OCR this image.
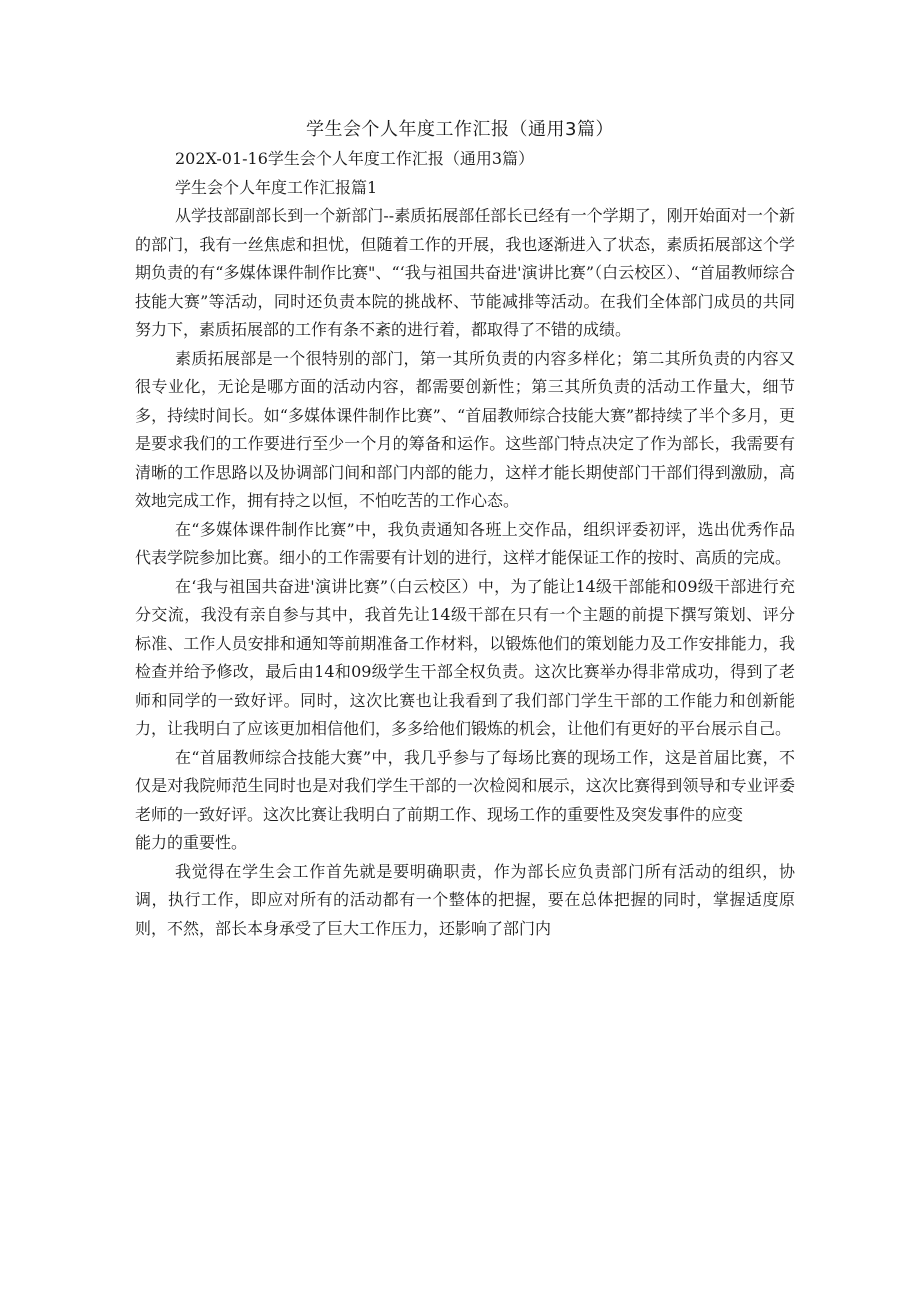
学生会个人年度工作汇报（通用3篇）

202X-01-16学生会个人年度工作汇报（通用3篇）

学生会个人年度工作汇报篇1

从学技部副部长到一个新部门--素质拓展部任部长已经有一个学期了，刚开始面对一个新的部门，我有一丝焦虑和担忧，但随着工作的开展，我也逐渐进入了状态，素质拓展部这个学期负责的有“多媒体课件制作比赛"、“‘我与祖国共奋进'演讲比赛”（白云校区）、“首届教师综合技能大赛”等活动，同时还负责本院的挑战杯、节能减排等活动。在我们全体部门成员的共同努力下，素质拓展部的工作有条不紊的进行着，都取得了不错的成绩。

素质拓展部是一个很特别的部门，第一其所负责的内容多样化；第二其所负责的内容又很专业化，无论是哪方面的活动内容，都需要创新性；第三其所负责的活动工作量大，细节多，持续时间长。如“多媒体课件制作比赛”、“首届教师综合技能大赛”都持续了半个多月，更是要求我们的工作要进行至少一个月的筹备和运作。这些部门特点决定了作为部长，我需要有清晰的工作思路以及协调部门间和部门内部的能力，这样才能长期使部门干部们得到激励，高效地完成工作，拥有持之以恒，不怕吃苦的工作心态。

在“多媒体课件制作比赛”中，我负责通知各班上交作品，组织评委初评，选出优秀作品代表学院参加比赛。细小的工作需要有计划的进行，这样才能保证工作的按时、高质的完成。

在‘我与祖国共奋进'演讲比赛”（白云校区）中，为了能让14级干部能和09级干部进行充分交流，我没有亲自参与其中，我首先让14级干部在只有一个主题的前提下撰写策划、评分标准、工作人员安排和通知等前期准备工作材料，以锻炼他们的策划能力及工作安排能力，我检查并给予修改，最后由14和09级学生干部全权负责。这次比赛举办得非常成功，得到了老师和同学的一致好评。同时，这次比赛也让我看到了我们部门学生干部的工作能力和创新能力，让我明白了应该更加相信他们，多多给他们锻炼的机会，让他们有更好的平台展示自己。

在“首届教师综合技能大赛”中，我几乎参与了每场比赛的现场工作，这是首届比赛，不仅是对我院师范生同时也是对我们学生干部的一次检阅和展示，这次比赛得到领导和专业评委老师的一致好评。这次比赛让我明白了前期工作、现场工作的重要性及突发事件的应变

能力的重要性。

我觉得在学生会工作首先就是要明确职责，作为部长应负责部门所有活动的组织，协调，执行工作，即应对所有的活动都有一个整体的把握，要在总体把握的同时，掌握适度原则，不然，部长本身承受了巨大工作压力，还影响了部门内
